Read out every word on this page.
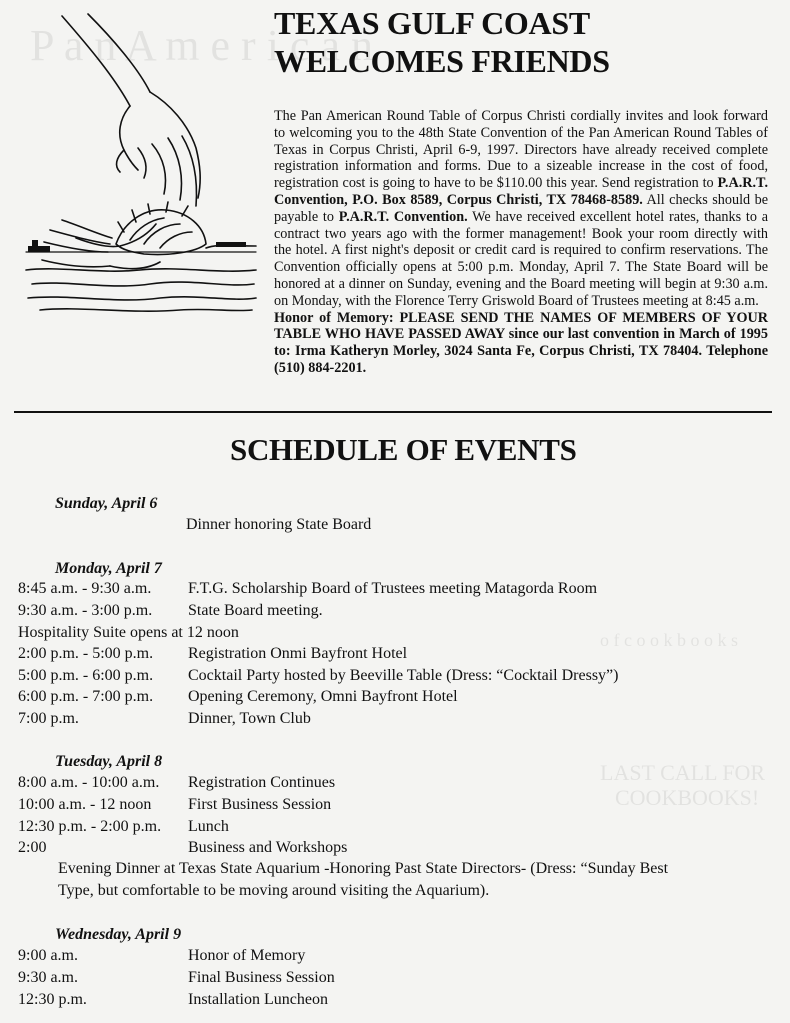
P a n A m e r i c a n
o f c o o k b o o k s
LAST CALL FOR
COOKBOOKS!
TEXAS GULF COAST
WELCOMES FRIENDS

The Pan American Round Table of Corpus Christi cordially invites and look forward to welcoming you to the 48th State Convention of the Pan American Round Tables of Texas in Corpus Christi, April 6-9, 1997. Directors have already received complete registration information and forms. Due to a sizeable increase in the cost of food, registration cost is going to have to be $110.00 this year. Send registration to P.A.R.T. Convention, P.O. Box 8589, Corpus Christi, TX 78468-8589. All checks should be payable to P.A.R.T. Convention. We have received excellent hotel rates, thanks to a contract two years ago with the former management! Book your room directly with the hotel. A first night's deposit or credit card is required to confirm reservations. The Convention officially opens at 5:00 p.m. Monday, April 7. The State Board will be honored at a dinner on Sunday, evening and the Board meeting will begin at 9:30 a.m. on Monday, with the Florence Terry Griswold Board of Trustees meeting at 8:45 a.m.
Honor of Memory: PLEASE SEND THE NAMES OF MEMBERS OF YOUR TABLE WHO HAVE PASSED AWAY since our last convention in March of 1995 to: Irma Katheryn Morley, 3024 Santa Fe, Corpus Christi, TX 78404. Telephone (510) 884-2201.

SCHEDULE OF EVENTS
Sunday, April 6
Dinner honoring State Board
Monday, April 7
8:45 a.m. - 9:30 a.m. F.T.G. Scholarship Board of Trustees meeting Matagorda Room
9:30 a.m. - 3:00 p.m. State Board meeting.
Hospitality Suite opens at 12 noon
2:00 p.m. - 5:00 p.m. Registration Onmi Bayfront Hotel
5:00 p.m. - 6:00 p.m. Cocktail Party hosted by Beeville Table (Dress: “Cocktail Dressy”)
6:00 p.m. - 7:00 p.m. Opening Ceremony, Omni Bayfront Hotel
7:00 p.m.	Dinner, Town Club
Tuesday, April 8
8:00 a.m. - 10:00 a.m. Registration Continues
10:00 a.m. - 12 noon First Business Session
12:30 p.m. - 2:00 p.m. Lunch
2:00	Business and Workshops
Evening Dinner at Texas State Aquarium -Honoring Past State Directors- (Dress: “Sunday Best
Type, but comfortable to be moving around visiting the Aquarium).
Wednesday, April 9
9:00 a.m.	Honor of Memory
9:30 a.m.	Final Business Session
12:30 p.m.	Installation Luncheon
